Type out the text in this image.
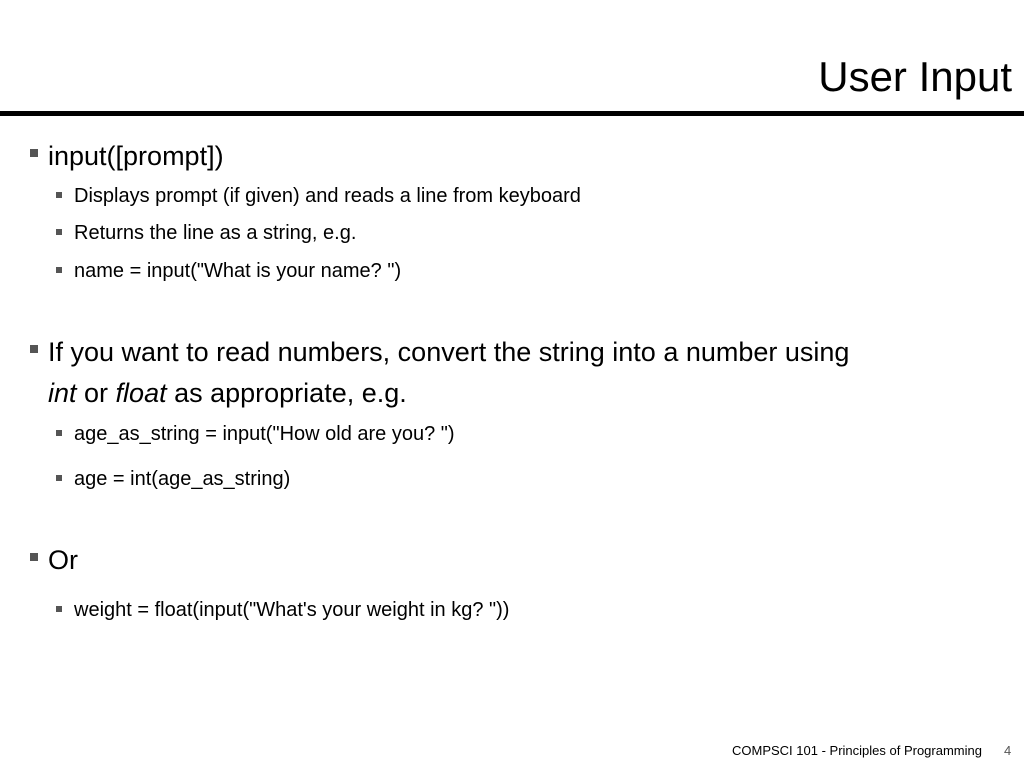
User Input
input([prompt])
Displays prompt (if given) and reads a line from keyboard
Returns the line as a string, e.g.
name = input("What is your name? ")
If you want to read numbers, convert the string into a number using
int or float as appropriate, e.g.
age_as_string = input("How old are you? ")
age = int(age_as_string)
Or
weight = float(input("What's your weight in kg? "))
COMPSCI 101 - Principles of Programming 4
